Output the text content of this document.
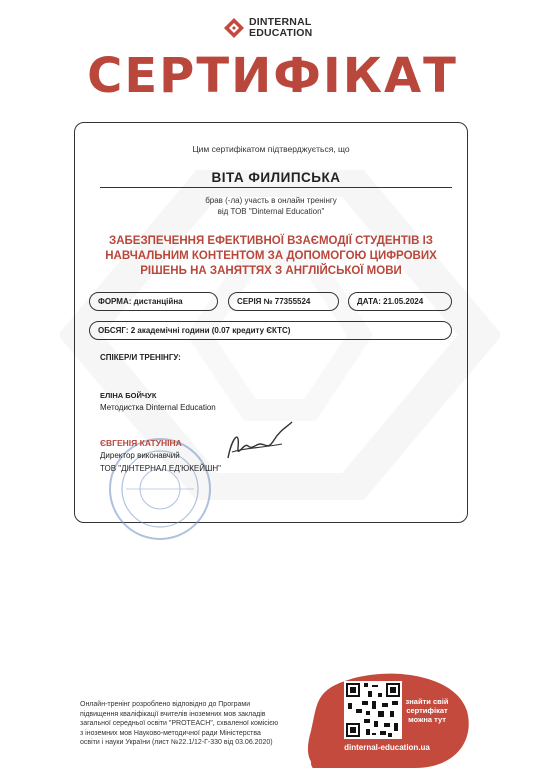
DINTERNAL
EDUCATION
СЕРТИФІКАТ
Цим сертифікатом підтверджується, що
ВІТА ФИЛИПСЬКА
брав (-ла) участь в онлайн тренінгу
від ТОВ "Dinternal Education"
ЗАБЕЗПЕЧЕННЯ ЕФЕКТИВНОЇ ВЗАЄМОДІЇ СТУДЕНТІВ ІЗ
НАВЧАЛЬНИМ КОНТЕНТОМ ЗА ДОПОМОГОЮ ЦИФРОВИХ
РІШЕНЬ НА ЗАНЯТТЯХ З АНГЛІЙСЬКОЇ МОВИ
ФОРМА: дистанційна	СЕРІЯ № 77355524	ДАТА: 21.05.2024
ОБСЯГ: 2 академічні години (0.07 кредиту ЄКТС)
СПІКЕР/И ТРЕНІНГУ:
ЕЛІНА БОЙЧУК
Методистка Dinternal Education
ЄВГЕНІЯ КАТУНІНА
Директор виконавчий
ТОВ "ДІНТЕРНАЛ ЕД'ЮКЕЙШН"
Онлайн-тренінг розроблено відповідно до Програми
підвищення кваліфікації вчителів іноземних мов закладів
загальної середньої освіти "PROTEACH", схваленої комісією
з іноземних мов Науково-методичної ради Міністерства
освіти і науки України (лист №22.1/12-Г-330 від 03.06.2020)
знайти свій
сертифікат
можна тут
dinternal-education.ua
